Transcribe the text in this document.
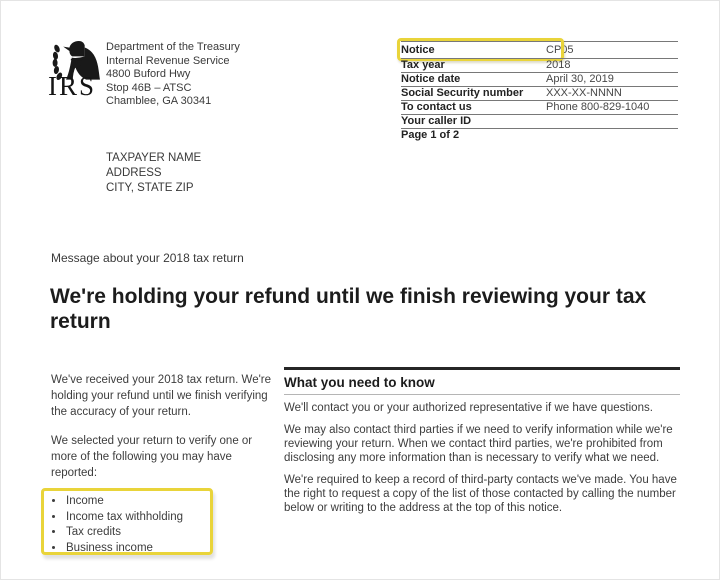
IRS
Department of the Treasury
Internal Revenue Service
4800 Buford Hwy
Stop 46B – ATSC
Chamblee, GA 30341
Notice	CP05
Tax year	2018
Notice date	April 30, 2019
Social Security number	XXX-XX-NNNN
To contact us	Phone 800-829-1040
Your caller ID
Page 1 of 2
TAXPAYER NAME
ADDRESS
CITY, STATE ZIP
Message about your 2018 tax return
We're holding your refund until we finish reviewing your tax return

We've received your 2018 tax return. We're holding your refund until we finish verifying the accuracy of your return.

We selected your return to verify one or more of the following you may have reported:

• Income
• Income tax withholding
• Tax credits
• Business income
What you need to know

We'll contact you or your authorized representative if we have questions.

We may also contact third parties if we need to verify information while we're reviewing your return. When we contact third parties, we're prohibited from disclosing any more information than is necessary to verify what we need.

We're required to keep a record of third-party contacts we've made. You have the right to request a copy of the list of those contacted by calling the number below or writing to the address at the top of this notice.
